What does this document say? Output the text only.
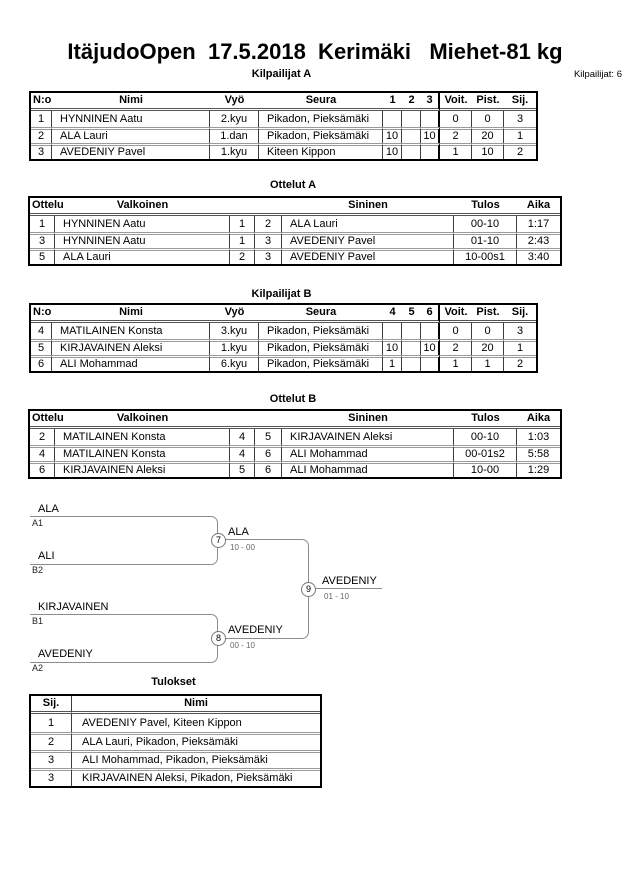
ItäjudoOpen  17.5.2018  Kerimäki   Miehet-81 kg
Kilpailijat: 6
Kilpailijat A
N:o	Nimi	Vyö	Seura	1	2	3	Voit.	Pist.	Sij.
1	HYNNINEN Aatu	2.kyu	Pikadon, Pieksämäki				0	0	3
2	ALA Lauri	1.dan	Pikadon, Pieksämäki	10		10	2	20	1
3	AVEDENIY Pavel	1.kyu	Kiteen Kippon	10			1	10	2
Ottelut A
Ottelu	Valkoinen			Sininen	Tulos	Aika
1	HYNNINEN Aatu	1	2	ALA Lauri	00-10	1:17
3	HYNNINEN Aatu	1	3	AVEDENIY Pavel	01-10	2:43
5	ALA Lauri	2	3	AVEDENIY Pavel	10-00s1	3:40
Kilpailijat B
N:o	Nimi	Vyö	Seura	4	5	6	Voit.	Pist.	Sij.
4	MATILAINEN Konsta	3.kyu	Pikadon, Pieksämäki				0	0	3
5	KIRJAVAINEN Aleksi	1.kyu	Pikadon, Pieksämäki	10		10	2	20	1
6	ALI Mohammad	6.kyu	Pikadon, Pieksämäki	1			1	1	2
Ottelut B
Ottelu	Valkoinen			Sininen	Tulos	Aika
2	MATILAINEN Konsta	4	5	KIRJAVAINEN Aleksi	00-10	1:03
4	MATILAINEN Konsta	4	6	ALI Mohammad	00-01s2	5:58
6	KIRJAVAINEN Aleksi	5	6	ALI Mohammad	10-00	1:29
ALA
A1
ALI
B2
KIRJAVAINEN
B1
AVEDENIY
A2
7
ALA
10 - 00
8
AVEDENIY
00 - 10
9
AVEDENIY
01 - 10
Tulokset
Sij.	Nimi
1	AVEDENIY Pavel, Kiteen Kippon
2	ALA Lauri, Pikadon, Pieksämäki
3	ALI Mohammad, Pikadon, Pieksämäki
3	KIRJAVAINEN Aleksi, Pikadon, Pieksämäki
